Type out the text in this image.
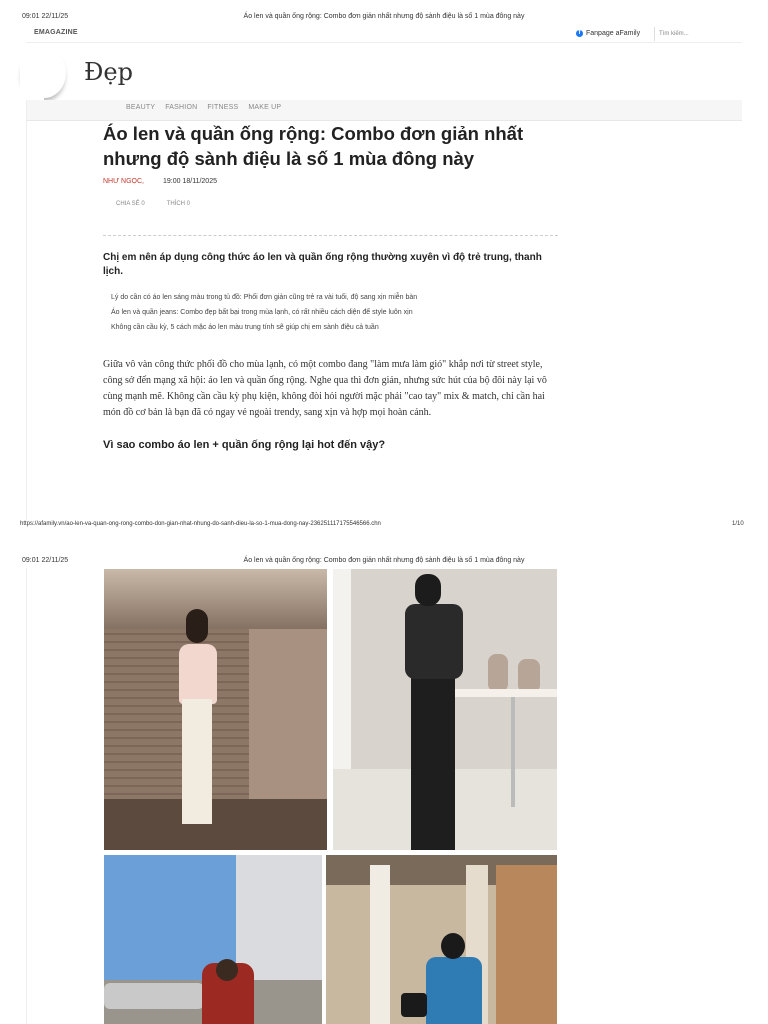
09:01 22/11/25	Áo len và quần ống rộng: Combo đơn giản nhất nhưng độ sành điệu là số 1 mùa đông này
EMAGAZINE	f Fanpage aFamily	Tìm kiếm...
Đẹp
BEAUTY FASHION FITNESS MAKE UP
Áo len và quần ống rộng: Combo đơn giản nhất nhưng độ sành điệu là số 1 mùa đông này
NHƯ NGỌC,	19:00 18/11/2025
CHIA SẺ 0	THÍCH 0
Chị em nên áp dụng công thức áo len và quần ống rộng thường xuyên vì độ trẻ trung, thanh lịch.
Lý do cần có áo len sáng màu trong tủ đồ: Phối đơn giản cũng trẻ ra vài tuổi, độ sang xịn miễn bàn
Áo len và quần jeans: Combo đẹp bất bại trong mùa lạnh, có rất nhiều cách diện để style luôn xịn
Không cần cầu kỳ, 5 cách mặc áo len màu trung tính sẽ giúp chị em sành điệu cả tuần
Giữa vô vàn công thức phối đồ cho mùa lạnh, có một combo đang "làm mưa làm gió" khắp nơi từ street style, công sở đến mạng xã hội: áo len và quần ống rộng. Nghe qua thì đơn giản, nhưng sức hút của bộ đôi này lại vô cùng mạnh mẽ. Không cần cầu kỳ phụ kiện, không đòi hỏi người mặc phải "cao tay" mix & match, chỉ cần hai món đồ cơ bản là bạn đã có ngay vẻ ngoài trendy, sang xịn và hợp mọi hoàn cảnh.
Vì sao combo áo len + quần ống rộng lại hot đến vậy?
https://afamily.vn/ao-len-va-quan-ong-rong-combo-don-gian-nhat-nhung-do-sanh-dieu-la-so-1-mua-dong-nay-236251117175546566.chn	1/10
09:01 22/11/25	Áo len và quần ống rộng: Combo đơn giản nhất nhưng độ sành điệu là số 1 mùa đông này
